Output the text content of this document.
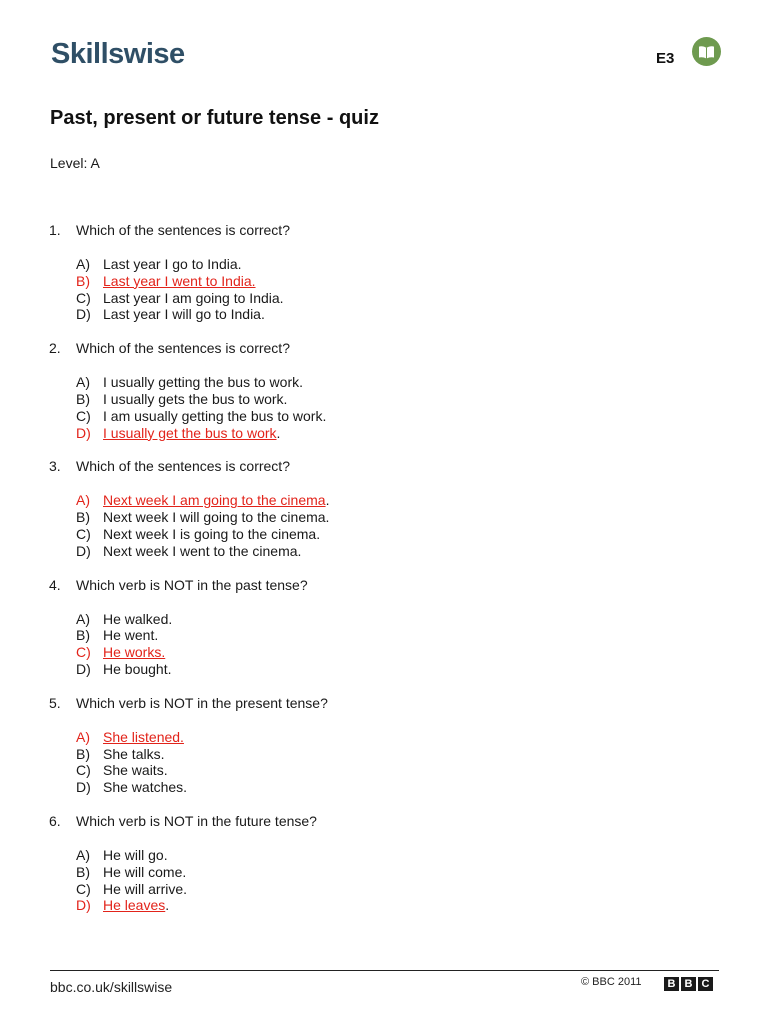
Skillswise	E3
Past, present or future tense - quiz
Level: A
1. Which of the sentences is correct?
A) Last year I go to India.
B) Last year I went to India.
C) Last year I am going to India.
D) Last year I will go to India.
2. Which of the sentences is correct?
A) I usually getting the bus to work.
B) I usually gets the bus to work.
C) I am usually getting the bus to work.
D) I usually get the bus to work.
3. Which of the sentences is correct?
A) Next week I am going to the cinema.
B) Next week I will going to the cinema.
C) Next week I is going to the cinema.
D) Next week I went to the cinema.
4. Which verb is NOT in the past tense?
A) He walked.
B) He went.
C) He works.
D) He bought.
5. Which verb is NOT in the present tense?
A) She listened.
B) She talks.
C) She waits.
D) She watches.
6. Which verb is NOT in the future tense?
A) He will go.
B) He will come.
C) He will arrive.
D) He leaves.
bbc.co.uk/skillswise	© BBC 2011	B B C
